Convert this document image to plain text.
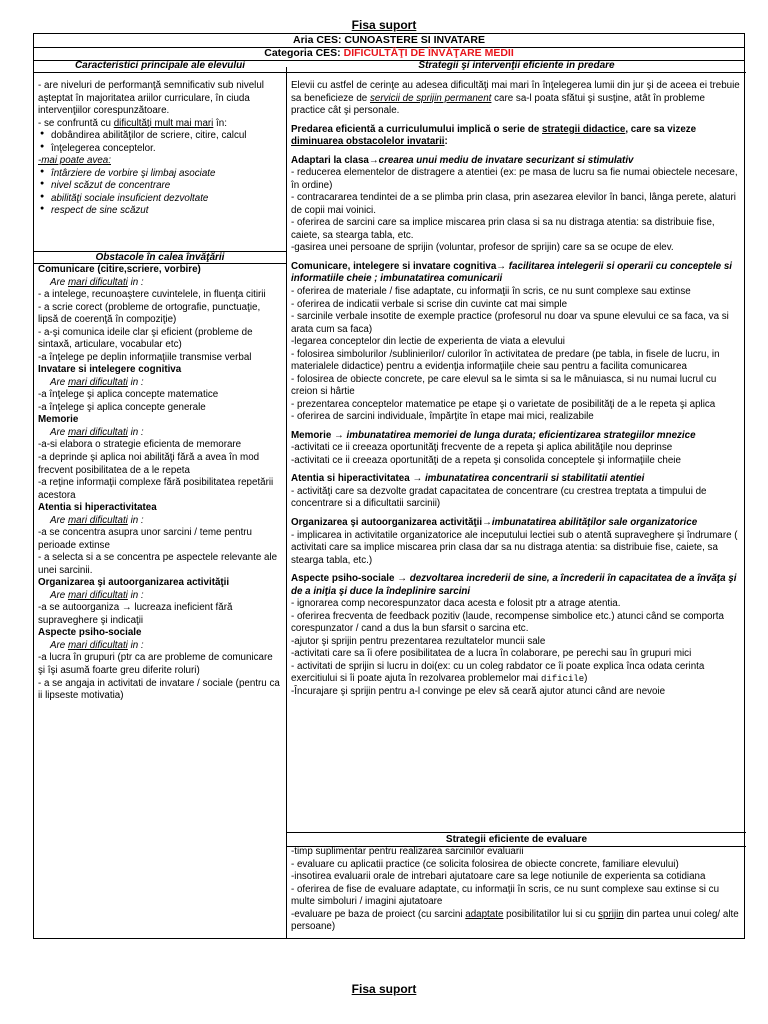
Fisa suport
Aria CES: CUNOASTERE SI INVATARE
Categoria CES: DIFICULTĂŢI DE ÎNVĂŢARE MEDII
Caracteristici principale ale elevului	Strategii şi intervenţii eficiente in predare

- are niveluri de performanţă semnificativ sub nivelul aşteptat în majoritatea ariilor curriculare, în ciuda intervenţiilor corespunzătoare.

- se confruntă cu dificultăţi mult mai mari în:

● dobândirea abilităţilor de scriere, citire, calcul

● înţelegerea conceptelor.

-mai poate avea:

● întârziere de vorbire şi limbaj asociate

● nivel scăzut de concentrare

● abilităţi sociale insuficient dezvoltate

● respect de sine scăzut

Obstacole în calea învăţării

Comunicare (citire,scriere, vorbire)

Are mari dificultati in :

- a intelege, recunoaştere cuvintelele, in fluenţa citirii

- a scrie corect (probleme de ortografie, punctuaţie, lipsă de coerenţă în compoziţie)

- a-şi comunica ideile clar şi eficient (probleme de sintaxă, articulare, vocabular etc)

-a înţelege pe deplin informaţiile transmise verbal

Invatare si intelegere cognitiva

Are mari dificultati in :

-a înţelege şi aplica concepte matematice

-a înţelege şi aplica concepte generale

Memorie

Are mari dificultati in :

-a-si elabora o strategie eficienta de memorare

-a deprinde şi aplica noi abilităţi fără a avea în mod frecvent posibilitatea de a le repeta

-a reţine informaţii complexe fără posibilitatea repetării acestora

Atentia si hiperactivitatea

Are mari dificultati in :

-a se concentra asupra unor sarcini / teme pentru perioade extinse

- a selecta si a se concentra pe aspectele relevante ale unei sarcinii.

Organizarea şi autoorganizarea activităţii

Are mari dificultati in :

-a se autoorganiza → lucreaza ineficient fără supraveghere şi indicaţii

Aspecte psiho-sociale

Are mari dificultati in :

-a lucra în grupuri (ptr ca are probleme de comunicare şi îşi asumă foarte greu diferite roluri)

- a se angaja in activitati de invatare / sociale (pentru ca ii lipseste motivatia)

Elevii cu astfel de cerinţe au adesea dificultăţi mai mari în înţelegerea lumii din jur şi de aceea ei trebuie sa beneficieze de servicii de sprijin permanent care sa-l poata sfătui şi susţine, atât în probleme practice cât şi personale.

Predarea eficientă a curriculumului implică o serie de strategii didactice, care sa vizeze diminuarea obstacolelor invatarii:

Adaptari la clasa→crearea unui mediu de invatare securizant si stimulativ

- reducerea elementelor de distragere a atentiei (ex: pe masa de lucru sa fie numai obiectele necesare, în ordine)

- contracararea tendintei de a se plimba prin clasa, prin asezarea elevilor în banci, lânga perete, alaturi de copii mai voinici.

- oferirea de sarcini care sa implice miscarea prin clasa si sa nu distraga atentia: sa distribuie fise, caiete, sa stearga tabla, etc.

-gasirea unei persoane de sprijin (voluntar, profesor de sprijin) care sa se ocupe de elev.

Comunicare, intelegere si invatare cognitiva→ facilitarea intelegerii si operarii cu conceptele si informatiile cheie ; imbunatatirea comunicarii

- oferirea de materiale / fise adaptate, cu informaţii în scris, ce nu sunt complexe sau extinse

- oferirea de indicatii verbale si scrise din cuvinte cat mai simple

- sarcinile verbale insotite de exemple practice (profesorul nu doar va spune elevului ce sa faca, va si arata cum sa faca)

-legarea conceptelor din lectie de experienta de viata a elevului

- folosirea simbolurilor /sublinierilor/ culorilor în activitatea de predare (pe tabla, in fisele de lucru, in materialele didactice) pentru a evidenţia informaţiile cheie sau pentru a facilita comunicarea

- folosirea de obiecte concrete, pe care elevul sa le simta si sa le mânuiasca, si nu numai lucrul cu creion si hârtie

- prezentarea conceptelor matematice pe etape şi o varietate de posibilităţi de a le repeta şi aplica

- oferirea de sarcini individuale, împărţite în etape mai mici, realizabile

Memorie → imbunatatirea memoriei de lunga durata; eficientizarea strategiilor mnezice

-activitati ce ii creeaza oportunităţi frecvente de a repeta şi aplica abilităţile nou deprinse

-activitati ce ii creeaza oportunităţi de a repeta şi consolida conceptele şi informaţiile cheie

Atentia si hiperactivitatea → imbunatatirea concentrarii si stabilitatii atentiei

- activităţi care sa dezvolte gradat capacitatea de concentrare (cu crestrea treptata a timpului de concentrare si a dificultatii sarcinii)

Organizarea şi autoorganizarea activităţii→imbunatatirea abilităţilor sale organizatorice

- implicarea in activitatile organizatorice ale inceputului lectiei sub o atentă supraveghere şi îndrumare ( activitati care sa implice miscarea prin clasa dar sa nu distraga atentia: sa distribuie fise, caiete, sa stearga tabla, etc.)

Aspecte psiho-sociale → dezvoltarea increderii de sine, a încrederii în capacitatea de a învăţa şi de a iniţia şi duce la îndeplinire sarcini

- ignorarea comp necorespunzator daca acesta e folosit ptr a atrage atentia.

- oferirea frecventa de feedback pozitiv (laude, recompense simbolice etc.) atunci când se comporta corespunzator / cand a dus la bun sfarsit o sarcina etc.

-ajutor şi sprijin pentru prezentarea rezultatelor muncii sale

-activitati care sa îi ofere posibilitatea de a lucra în colaborare, pe perechi sau în grupuri mici

- activitati de sprijin si lucru in doi(ex: cu un coleg rabdator ce îi poate explica înca odata cerinta exercitiului si îi poate ajuta în rezolvarea problemelor mai dificile)

-Încurajare şi sprijin pentru a-l convinge pe elev să ceară ajutor atunci când are nevoie

Strategii eficiente de evaluare

-timp suplimentar pentru realizarea sarcinilor evaluarii

- evaluare cu aplicatii practice (ce solicita folosirea de obiecte concrete, familiare elevului)

-insotirea evaluarii orale de intrebari ajutatoare care sa lege notiunile de experienta sa cotidiana

- oferirea de fise de evaluare adaptate, cu informaţii în scris, ce nu sunt complexe sau extinse si cu multe simboluri / imagini ajutatoare

-evaluare pe baza de proiect (cu sarcini adaptate posibilitatilor lui si cu sprijin din partea unui coleg/ alte persoane)

Fisa suport
